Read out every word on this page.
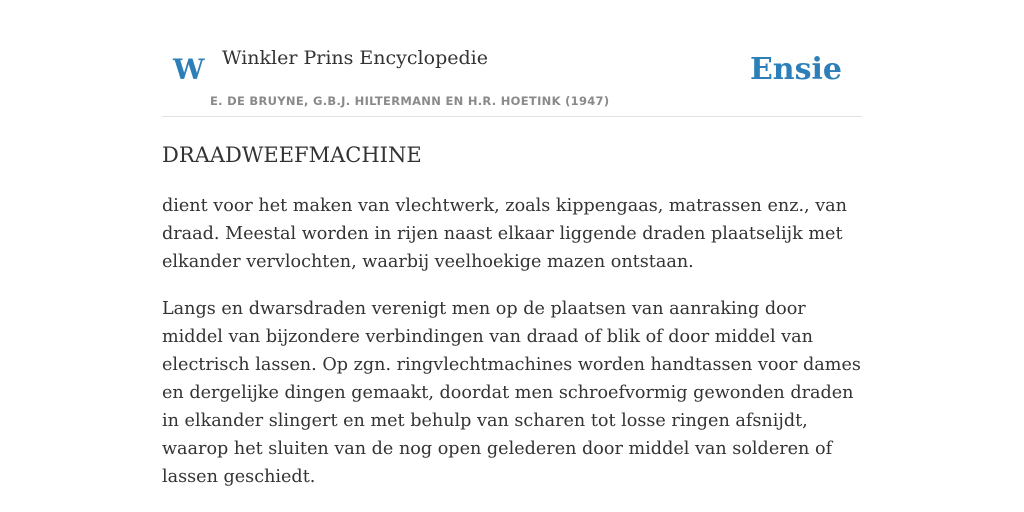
W Winkler Prins Encyclopedie
E. DE BRUYNE, G.B.J. HILTERMANN EN H.R. HOETINK (1947)
Ensie
DRAADWEEFMACHINE

dient voor het maken van vlechtwerk, zoals kippengaas, matrassen enz., van draad. Meestal worden in rijen naast elkaar liggende draden plaatselijk met elkander vervlochten, waarbij veelhoekige mazen ontstaan.

Langs en dwarsdraden verenigt men op de plaatsen van aanraking door middel van bijzondere verbindingen van draad of blik of door middel van electrisch lassen. Op zgn. ringvlechtmachines worden handtassen voor dames en dergelijke dingen gemaakt, doordat men schroefvormig gewonden draden in elkander slingert en met behulp van scharen tot losse ringen afsnijdt, waarop het sluiten van de nog open gelederen door middel van solderen of lassen geschiedt.
